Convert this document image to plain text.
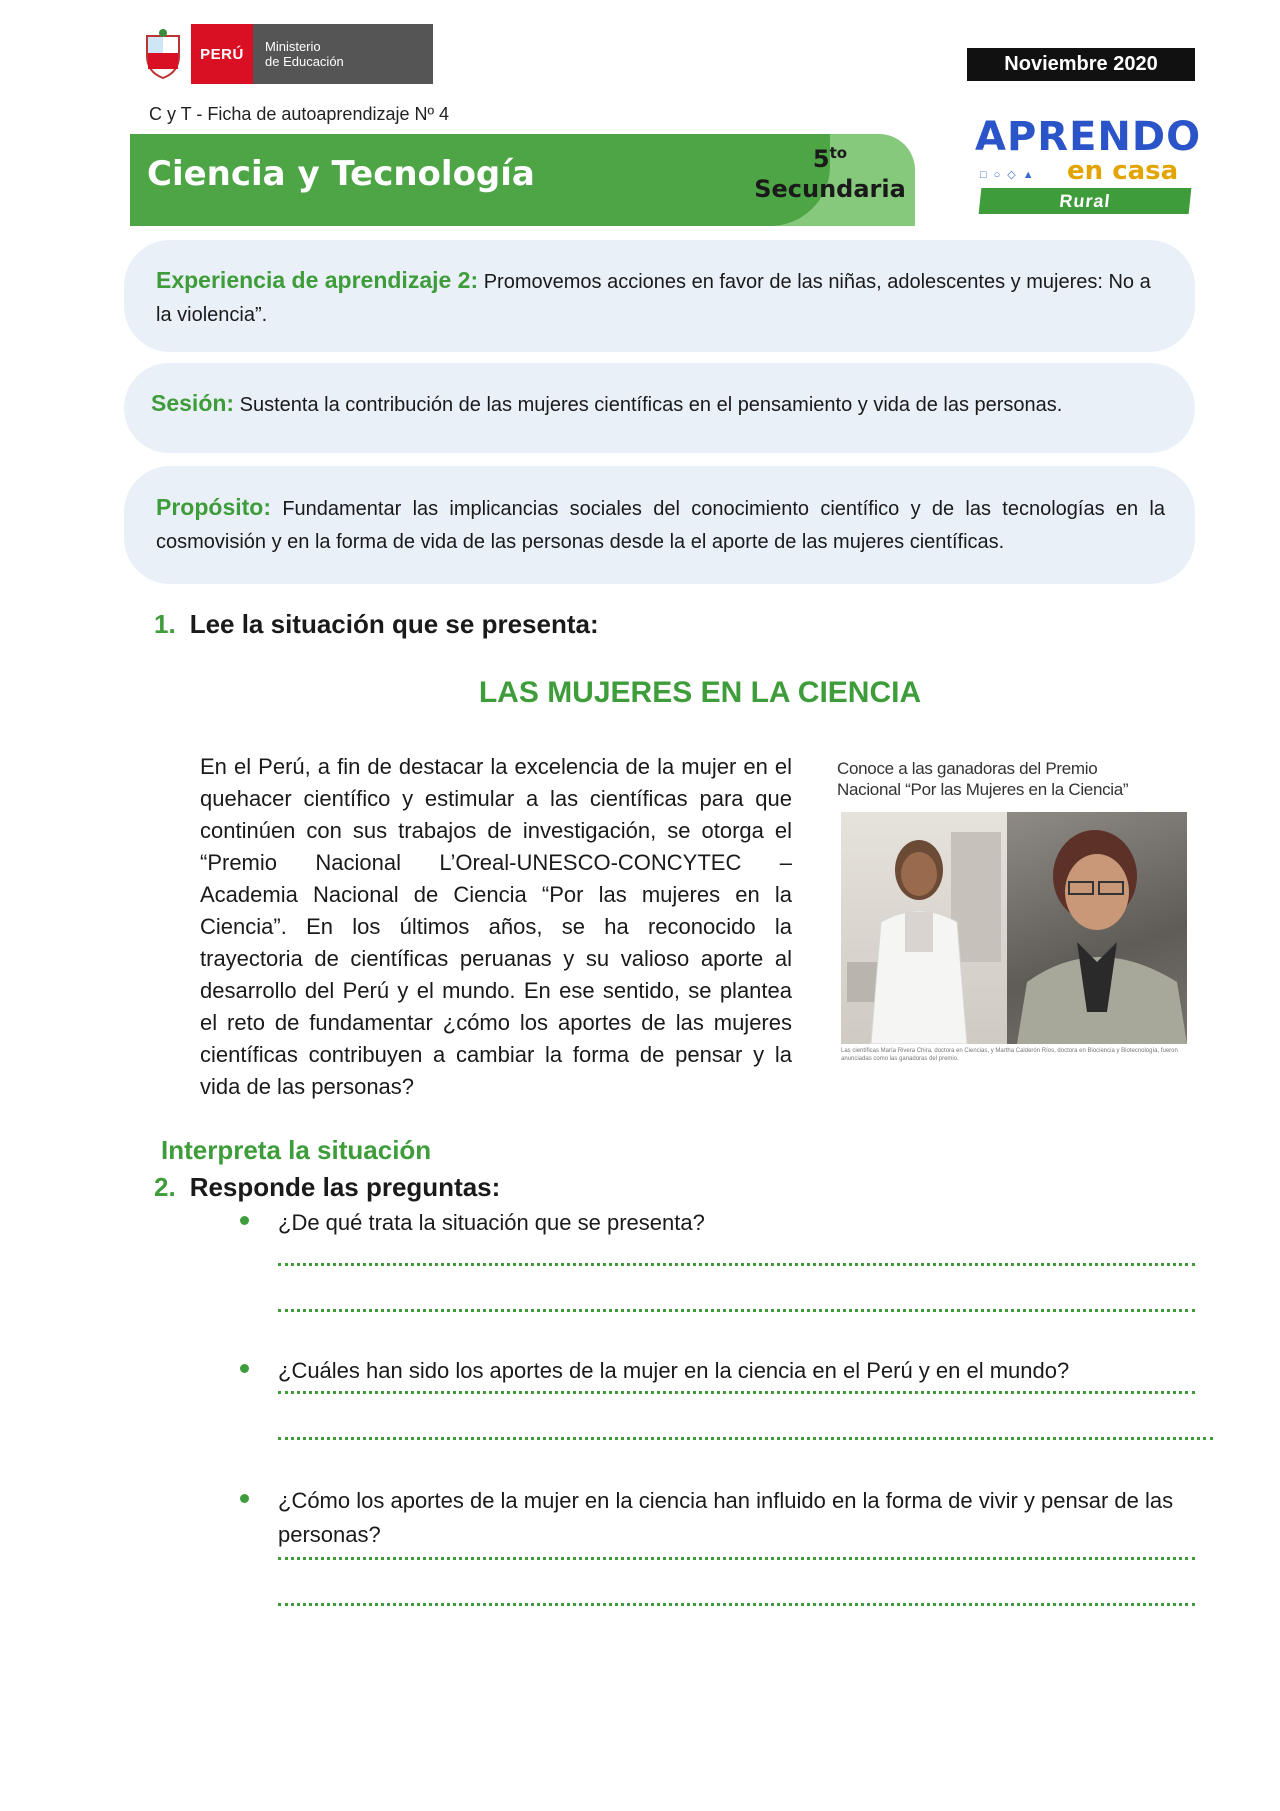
PERÚ	Ministerio
de Educación	Noviembre 2020
C y T - Ficha de autoaprendizaje Nº 4
Ciencia y Tecnología	$5^{to}$
Secundaria
APRENDO
□○◇▲ en casa
Rural
Experiencia de aprendizaje 2: Promovemos acciones en favor de las niñas, adolescentes y mujeres: No a la violencia”.
Sesión: Sustenta la contribución de las mujeres científicas en el pensamiento y vida de las personas.
Propósito: Fundamentar las implicancias sociales del conocimiento científico y de las tecnologías en la cosmovisión y en la forma de vida de las personas desde la el aporte de las mujeres científicas.
1. Lee la situación que se presenta:
LAS MUJERES EN LA CIENCIA
En el Perú, a fin de destacar la excelencia de la mujer en el quehacer científico y estimular a las científicas para que continúen con sus trabajos de investigación, se otorga el “Premio Nacional L’Oreal-UNESCO-CONCYTEC – Academia Nacional de Ciencia “Por las mujeres en la Ciencia”. En los últimos años, se ha reconocido la trayectoria de científicas peruanas y su valioso aporte al desarrollo del Perú y el mundo. En ese sentido, se plantea el reto de fundamentar ¿cómo los aportes de las mujeres científicas contribuyen a cambiar la forma de pensar y la vida de las personas?
Conoce a las ganadoras del Premio
Nacional “Por las Mujeres en la Ciencia”
Las científicas María Rivera Chira, doctora en Ciencias, y Martha Calderón Ríos, doctora en Biociencia y Biotecnología, fueron anunciadas como las ganadoras del premio.
Interpreta la situación
2. Responde las preguntas:
¿De qué trata la situación que se presenta?
¿Cuáles han sido los aportes de la mujer en la ciencia en el Perú y en el mundo?
¿Cómo los aportes de la mujer en la ciencia han influido en la forma de vivir y pensar de las personas?
